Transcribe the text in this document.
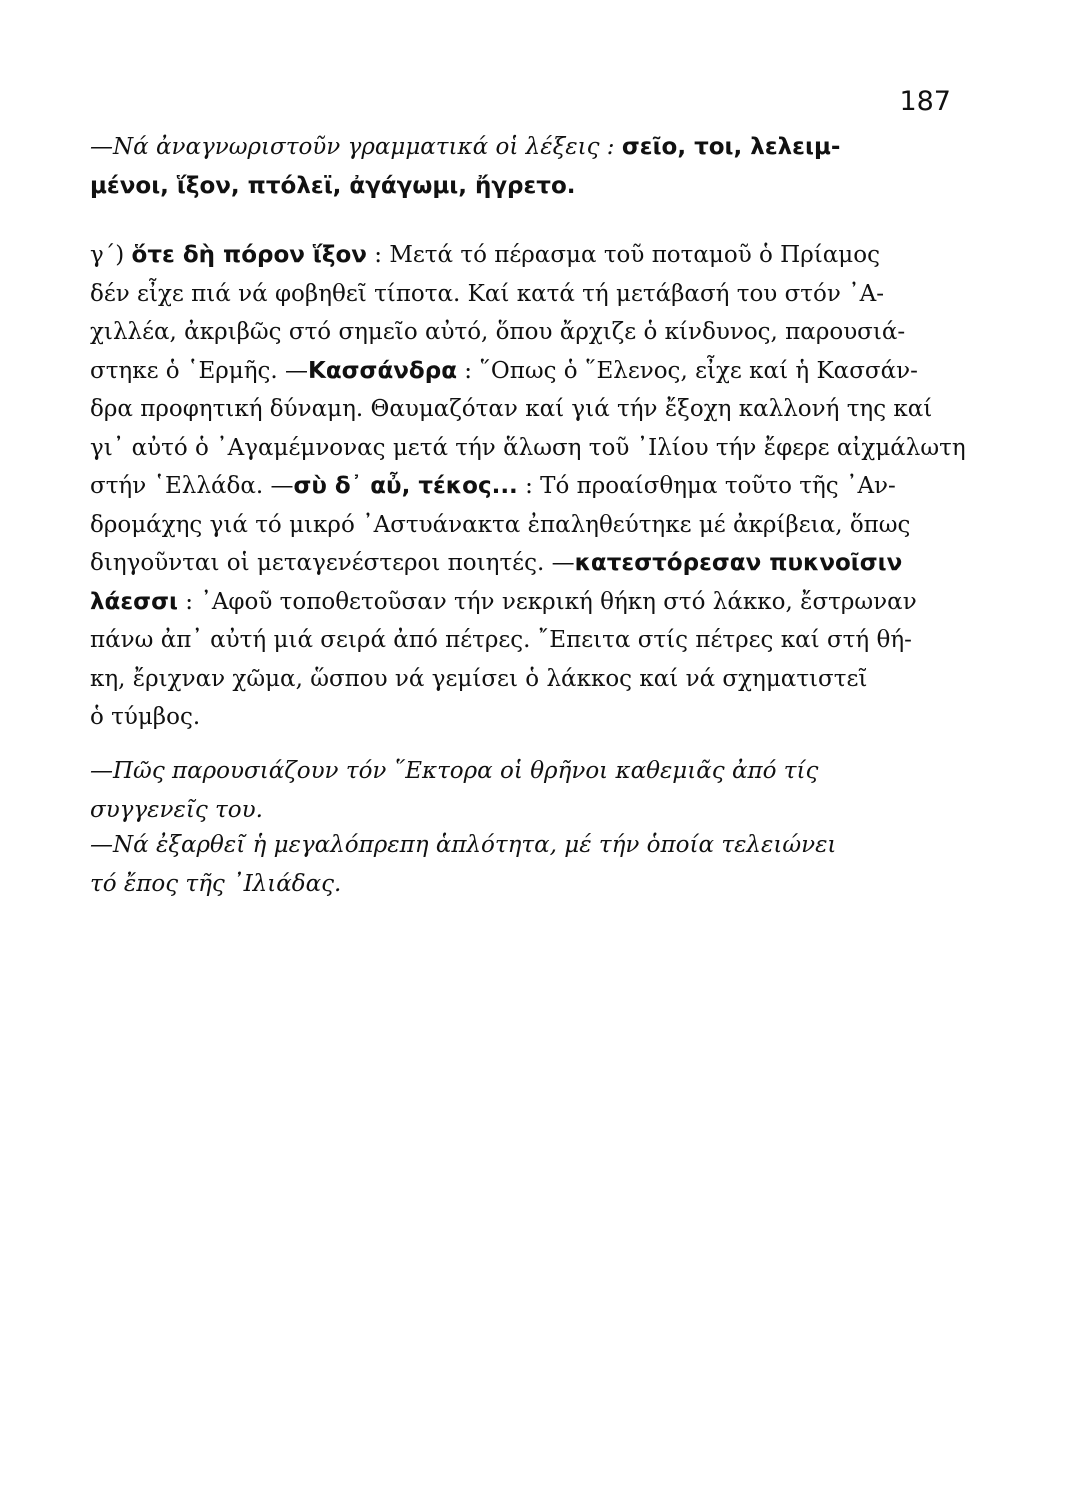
187
—Νά ἀναγνωριστοῦν γραμματικά οἱ λέξεις : σεῖο, τοι, λελειμ-
μένοι, ἵξον, πτόλεϊ, ἀγάγωμι, ἤγρετο.
γ΄) ὅτε δὴ πόρον ἵξον : Μετά τό πέρασμα τοῦ ποταμοῦ ὁ Πρίαμος
δέν εἶχε πιά νά φοβηθεῖ τίποτα. Καί κατά τή μετάβασή του στόν ᾿Α-
χιλλέα, ἀκριβῶς στό σημεῖο αὐτό, ὅπου ἄρχιζε ὁ κίνδυνος, παρουσιά-
στηκε ὁ ῾Ερμῆς. —Κασσάνδρα : ῞Οπως ὁ ῞Ελενος, εἶχε καί ἡ Κασσάν-
δρα προφητική δύναμη. Θαυμαζόταν καί γιά τήν ἔξοχη καλλονή της καί
γι᾿ αὐτό ὁ ᾿Αγαμέμνονας μετά τήν ἅλωση τοῦ ᾿Ιλίου τήν ἔφερε αἰχμάλωτη
στήν ῾Ελλάδα. —σὺ δ᾿ αὖ, τέκος... : Τό προαίσθημα τοῦτο τῆς ᾿Αν-
δρομάχης γιά τό μικρό ᾿Αστυάνακτα ἐπαληθεύτηκε μέ ἀκρίβεια, ὅπως
διηγοῦνται οἱ μεταγενέστεροι ποιητές. —κατεστόρεσαν πυκνοῖσιν
λάεσσι : ᾿Αφοῦ τοποθετοῦσαν τήν νεκρική θήκη στό λάκκο, ἔστρωναν
πάνω ἀπ᾿ αὐτή μιά σειρά ἀπό πέτρες. ῎Επειτα στίς πέτρες καί στή θή-
κη, ἔριχναν χῶμα, ὥσπου νά γεμίσει ὁ λάκκος καί νά σχηματιστεῖ
ὁ τύμβος.
—Πῶς παρουσιάζουν τόν ῞Εκτορα οἱ θρῆνοι καθεμιᾶς ἀπό τίς
συγγενεῖς του.
—Νά ἐξαρθεῖ ἡ μεγαλόπρεπη ἁπλότητα, μέ τήν ὁποία τελειώνει
τό ἔπος τῆς ᾿Ιλιάδας.
